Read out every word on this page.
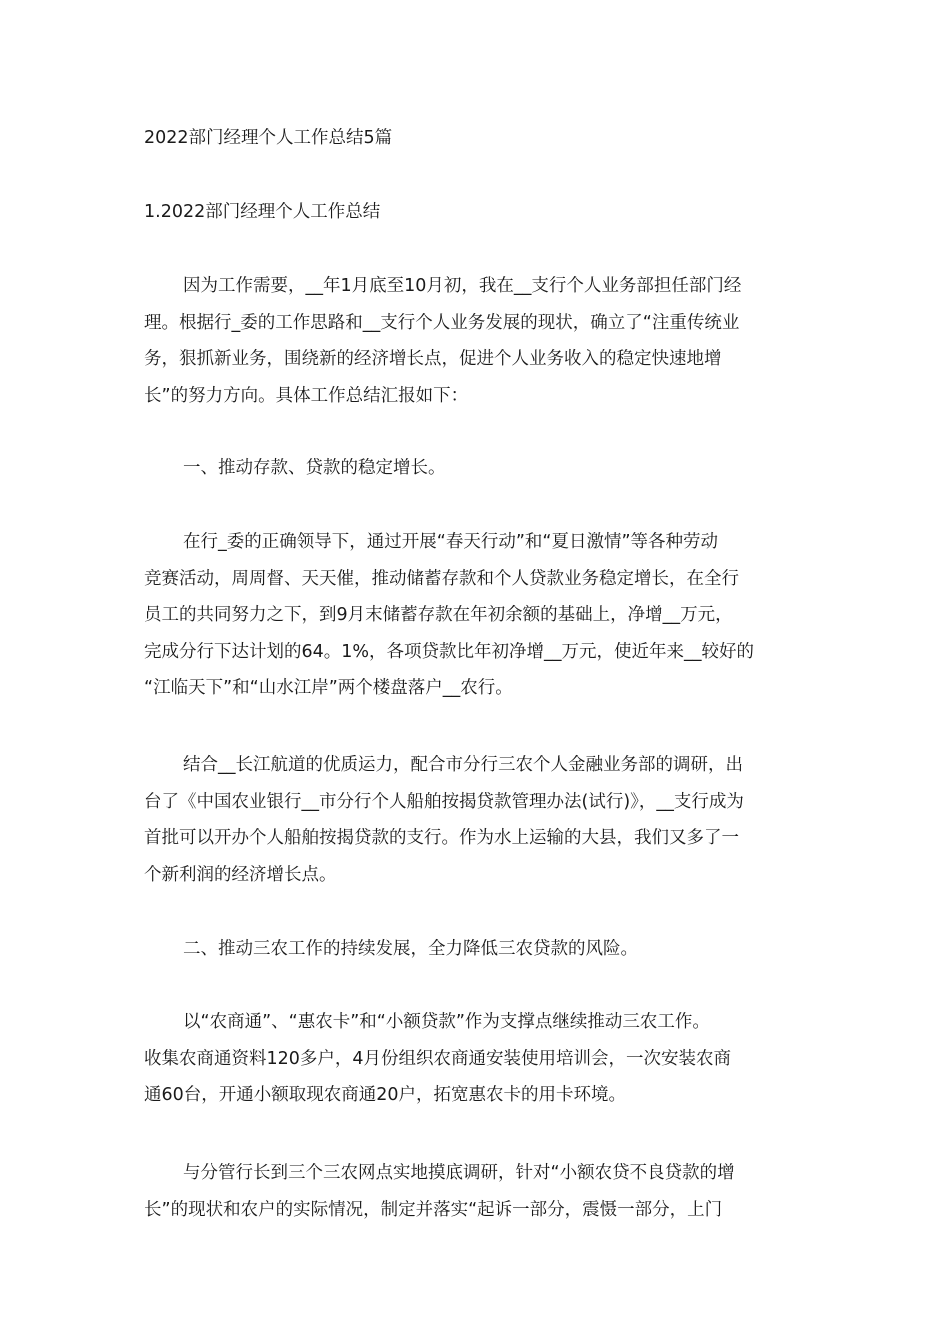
2022部门经理个人工作总结5篇
1.2022部门经理个人工作总结
因为工作需要，__年1月底至10月初，我在__支行个人业务部担任部门经
理。根据行_委的工作思路和__支行个人业务发展的现状，确立了“注重传统业
务，狠抓新业务，围绕新的经济增长点，促进个人业务收入的稳定快速地增
长”的努力方向。具体工作总结汇报如下：
一、推动存款、贷款的稳定增长。
在行_委的正确领导下，通过开展“春天行动”和“夏日激情”等各种劳动
竞赛活动，周周督、天天催，推动储蓄存款和个人贷款业务稳定增长，在全行
员工的共同努力之下，到9月末储蓄存款在年初余额的基础上，净增__万元，
完成分行下达计划的64。1%，各项贷款比年初净增__万元，使近年来__较好的
“江临天下”和“山水江岸”两个楼盘落户__农行。
结合__长江航道的优质运力，配合市分行三农个人金融业务部的调研，出
台了《中国农业银行__市分行个人船舶按揭贷款管理办法(试行)》，__支行成为
首批可以开办个人船舶按揭贷款的支行。作为水上运输的大县，我们又多了一
个新利润的经济增长点。
二、推动三农工作的持续发展，全力降低三农贷款的风险。
以“农商通”、“惠农卡”和“小额贷款”作为支撑点继续推动三农工作。
收集农商通资料120多户，4月份组织农商通安装使用培训会，一次安装农商
通60台，开通小额取现农商通20户，拓宽惠农卡的用卡环境。
与分管行长到三个三农网点实地摸底调研，针对“小额农贷不良贷款的增
长”的现状和农户的实际情况，制定并落实“起诉一部分，震慑一部分，上门
